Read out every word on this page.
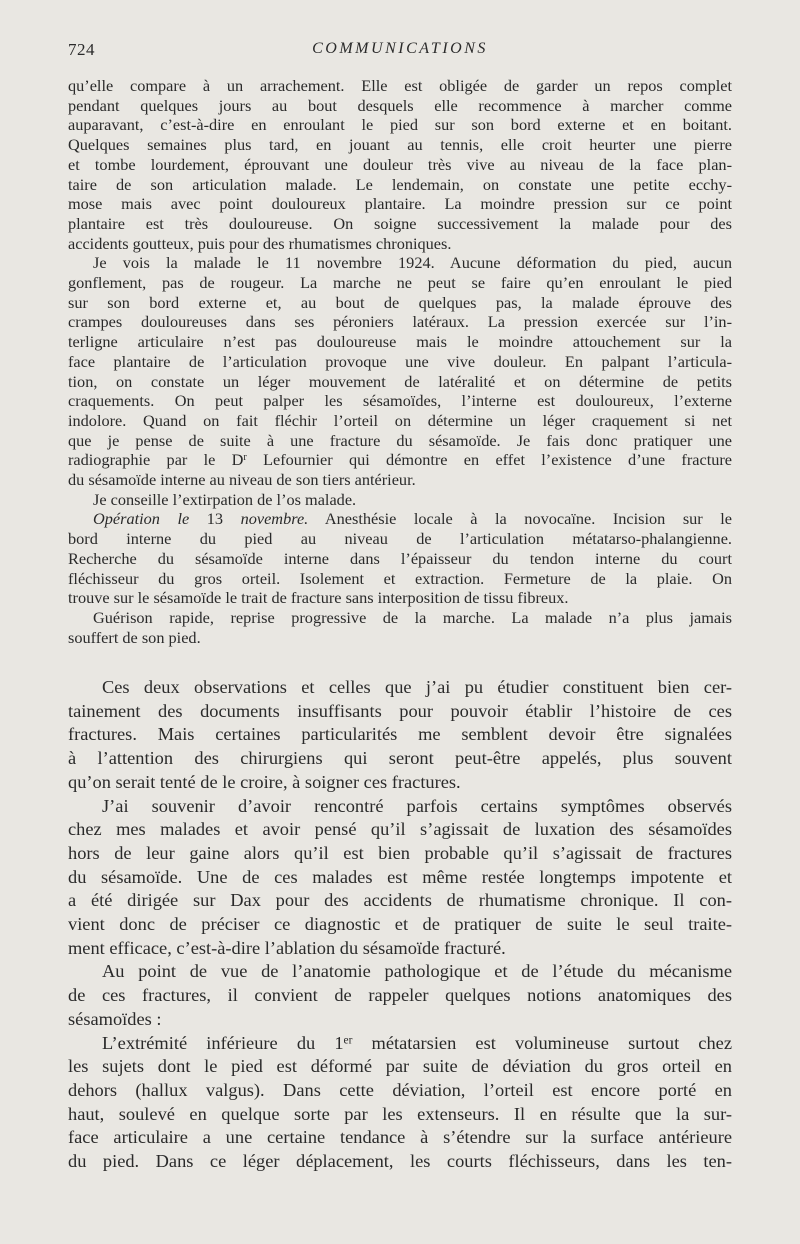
724	COMMUNICATIONS

qu’elle compare à un arrachement. Elle est obligée de garder un repos complet

pendant quelques jours au bout desquels elle recommence à marcher comme

auparavant, c’est-à-dire en enroulant le pied sur son bord externe et en boitant.

Quelques semaines plus tard, en jouant au tennis, elle croit heurter une pierre

et tombe lourdement, éprouvant une douleur très vive au niveau de la face plan-

taire de son articulation malade. Le lendemain, on constate une petite ecchy-

mose mais avec point douloureux plantaire. La moindre pression sur ce point

plantaire est très douloureuse. On soigne successivement la malade pour des

accidents goutteux, puis pour des rhumatismes chroniques.

Je vois la malade le 11 novembre 1924. Aucune déformation du pied, aucun

gonflement, pas de rougeur. La marche ne peut se faire qu’en enroulant le pied

sur son bord externe et, au bout de quelques pas, la malade éprouve des

crampes douloureuses dans ses péroniers latéraux. La pression exercée sur l’in-

terligne articulaire n’est pas douloureuse mais le moindre attouchement sur la

face plantaire de l’articulation provoque une vive douleur. En palpant l’articula-

tion, on constate un léger mouvement de latéralité et on détermine de petits

craquements. On peut palper les sésamoïdes, l’interne est douloureux, l’externe

indolore. Quand on fait fléchir l’orteil on détermine un léger craquement si net

que je pense de suite à une fracture du sésamoïde. Je fais donc pratiquer une

radiographie par le $D^r$ Lefournier qui démontre en effet l’existence d’une fracture

du sésamoïde interne au niveau de son tiers antérieur.

Je conseille l’extirpation de l’os malade.

Opération le 13 novembre. Anesthésie locale à la novocaïne. Incision sur le

bord interne du pied au niveau de l’articulation métatarso-phalangienne.

Recherche du sésamoïde interne dans l’épaisseur du tendon interne du court

fléchisseur du gros orteil. Isolement et extraction. Fermeture de la plaie. On

trouve sur le sésamoïde le trait de fracture sans interposition de tissu fibreux.

Guérison rapide, reprise progressive de la marche. La malade n’a plus jamais

souffert de son pied.

Ces deux observations et celles que j’ai pu étudier constituent bien cer-

tainement des documents insuffisants pour pouvoir établir l’histoire de ces

fractures. Mais certaines particularités me semblent devoir être signalées

à l’attention des chirurgiens qui seront peut-être appelés, plus souvent

qu’on serait tenté de le croire, à soigner ces fractures.

J’ai souvenir d’avoir rencontré parfois certains symptômes observés

chez mes malades et avoir pensé qu’il s’agissait de luxation des sésamoïdes

hors de leur gaine alors qu’il est bien probable qu’il s’agissait de fractures

du sésamoïde. Une de ces malades est même restée longtemps impotente et

a été dirigée sur Dax pour des accidents de rhumatisme chronique. Il con-

vient donc de préciser ce diagnostic et de pratiquer de suite le seul traite-

ment efficace, c’est-à-dire l’ablation du sésamoïde fracturé.

Au point de vue de l’anatomie pathologique et de l’étude du mécanisme

de ces fractures, il convient de rappeler quelques notions anatomiques des

sésamoïdes :

L’extrémité inférieure du 1er métatarsien est volumineuse surtout chez

les sujets dont le pied est déformé par suite de déviation du gros orteil en

dehors (hallux valgus). Dans cette déviation, l’orteil est encore porté en

haut, soulevé en quelque sorte par les extenseurs. Il en résulte que la sur-

face articulaire a une certaine tendance à s’étendre sur la surface antérieure

du pied. Dans ce léger déplacement, les courts fléchisseurs, dans les ten-
